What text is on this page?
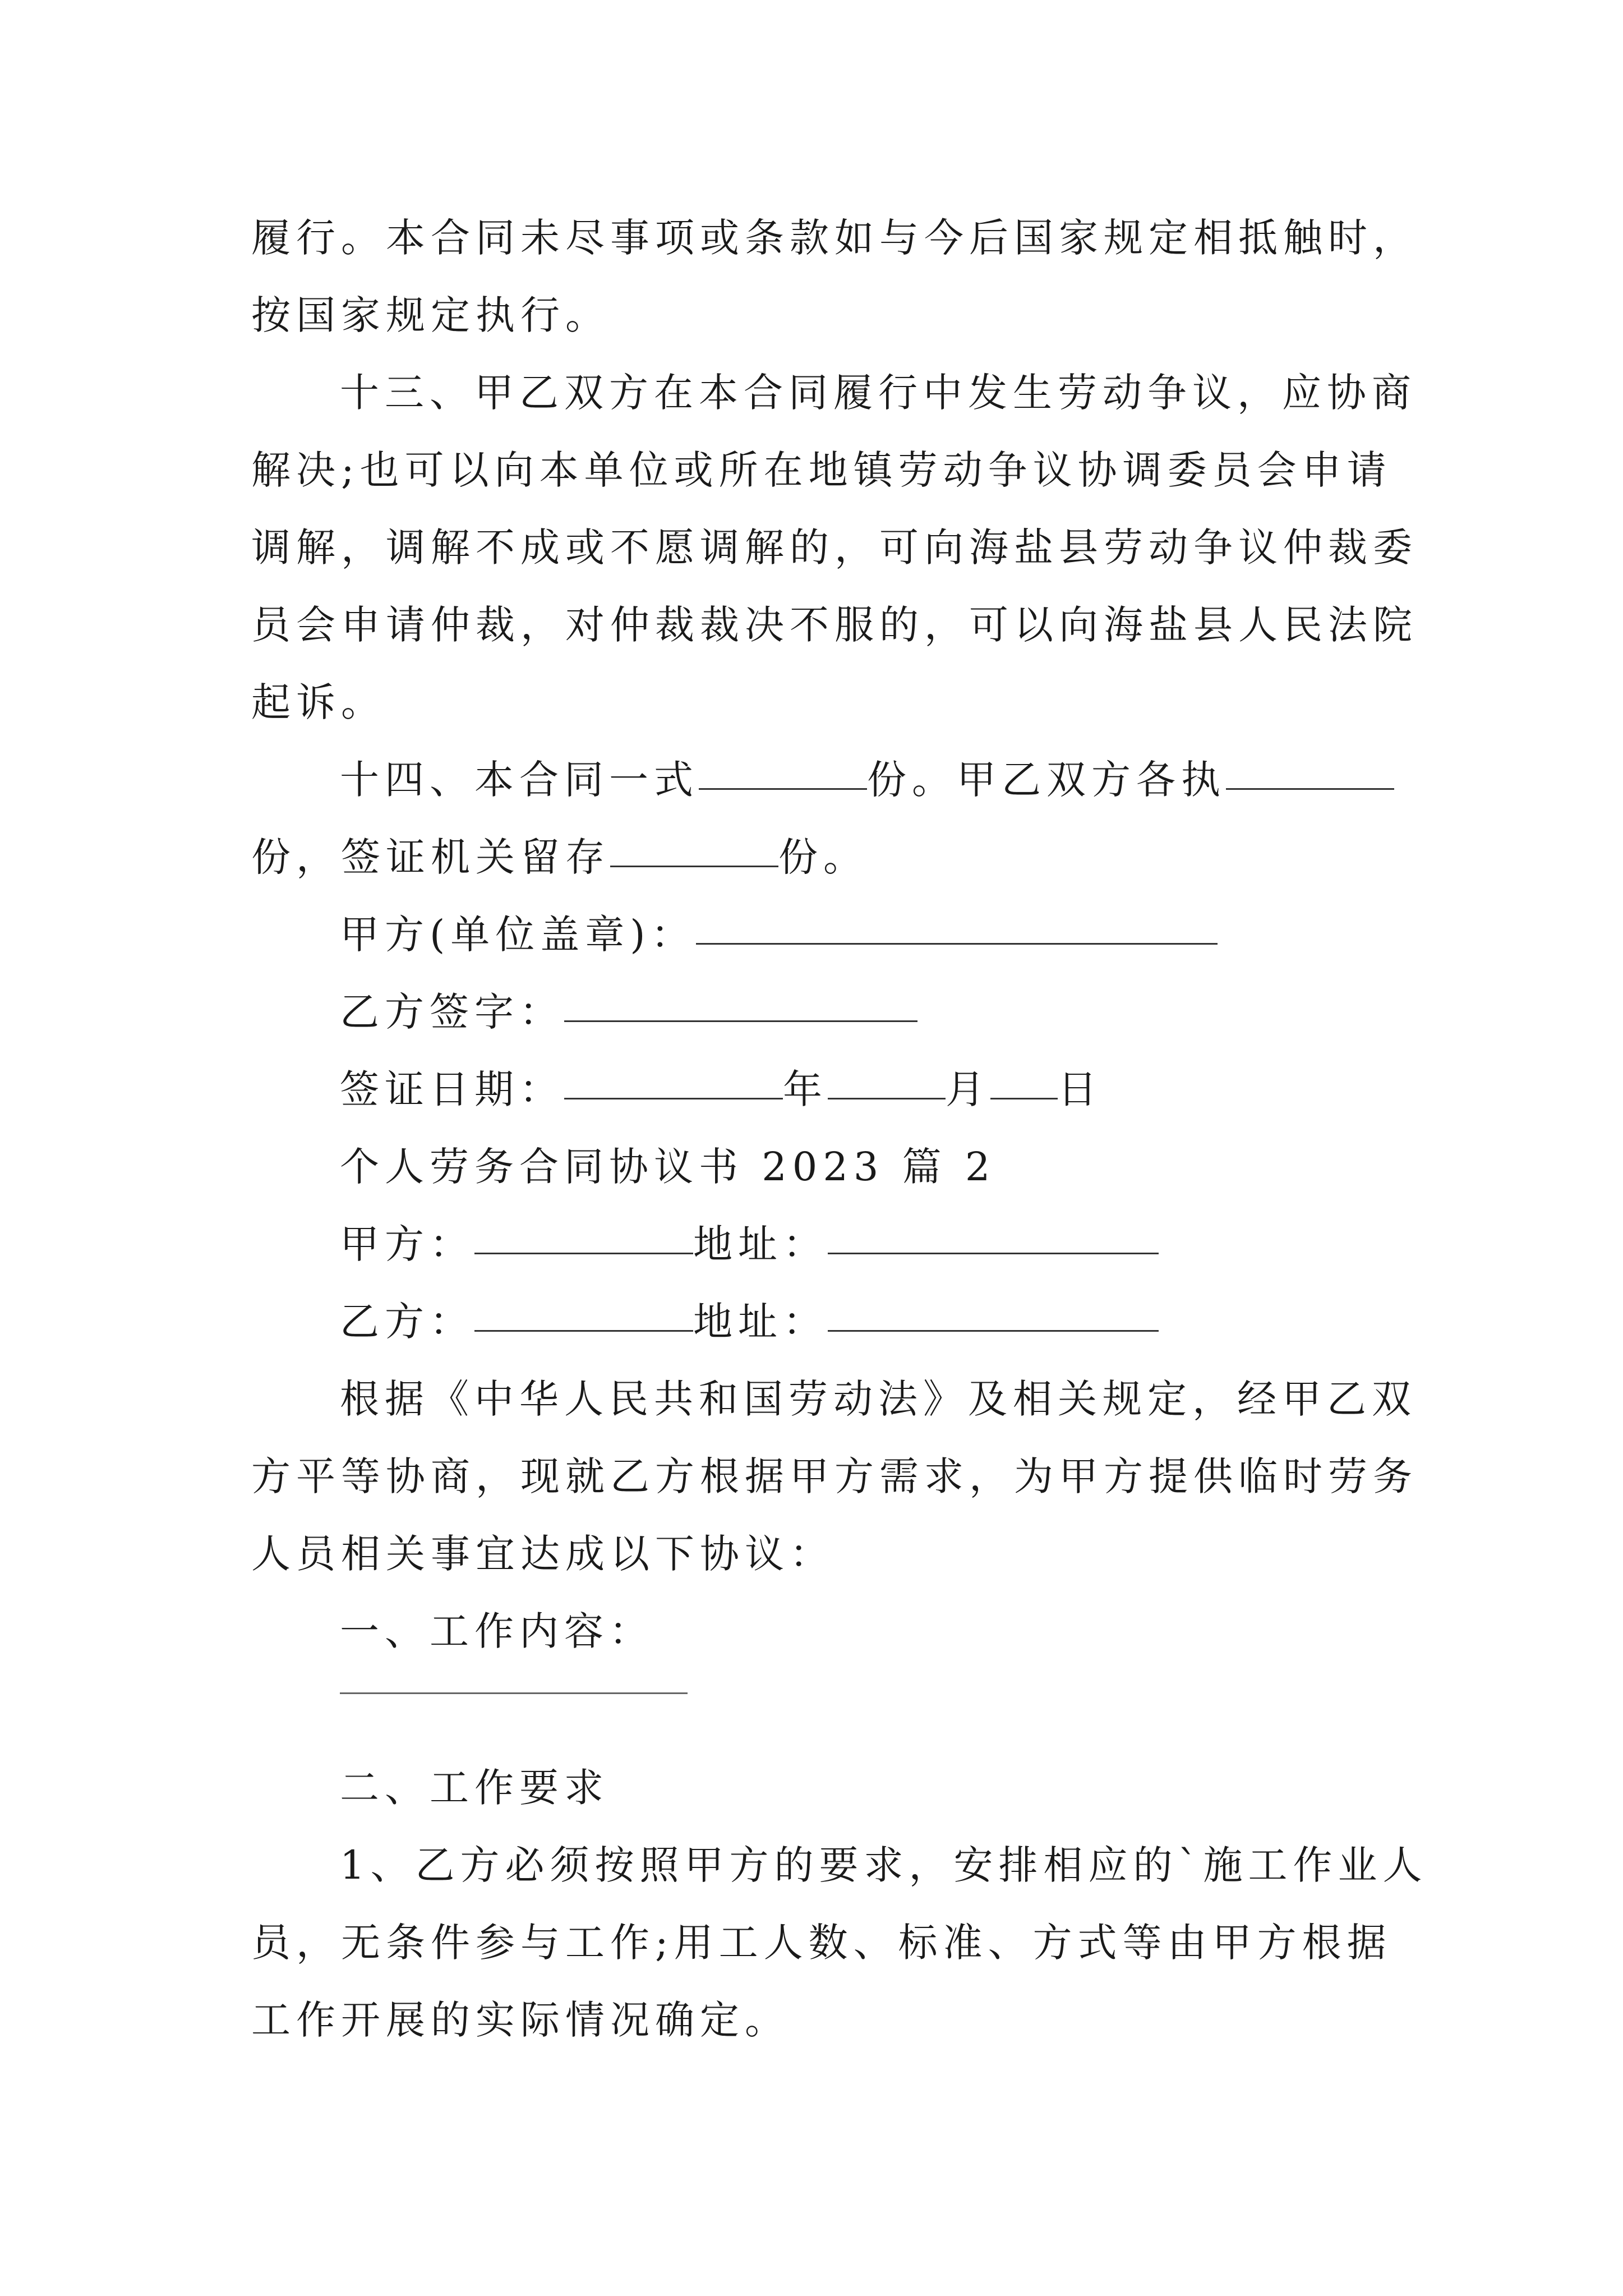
履行。本合同未尽事项或条款如与今后国家规定相抵触时，
按国家规定执行。
十三、甲乙双方在本合同履行中发生劳动争议，应协商
解决;也可以向本单位或所在地镇劳动争议协调委员会申请
调解，调解不成或不愿调解的，可向海盐县劳动争议仲裁委
员会申请仲裁，对仲裁裁决不服的，可以向海盐县人民法院
起诉。
十四、本合同一式	份。甲乙双方各执
份，签证机关留存	份。
甲方(单位盖章)：
乙方签字：
签证日期：	年	月 日
个人劳务合同协议书 2023 篇 2
甲方：	地址：
乙方：	地址：
根据《中华人民共和国劳动法》及相关规定，经甲乙双
方平等协商，现就乙方根据甲方需求，为甲方提供临时劳务
人员相关事宜达成以下协议：
一、工作内容：
二、工作要求
1、乙方必须按照甲方的要求，安排相应的`施工作业人
员，无条件参与工作;用工人数、标准、方式等由甲方根据
工作开展的实际情况确定。
